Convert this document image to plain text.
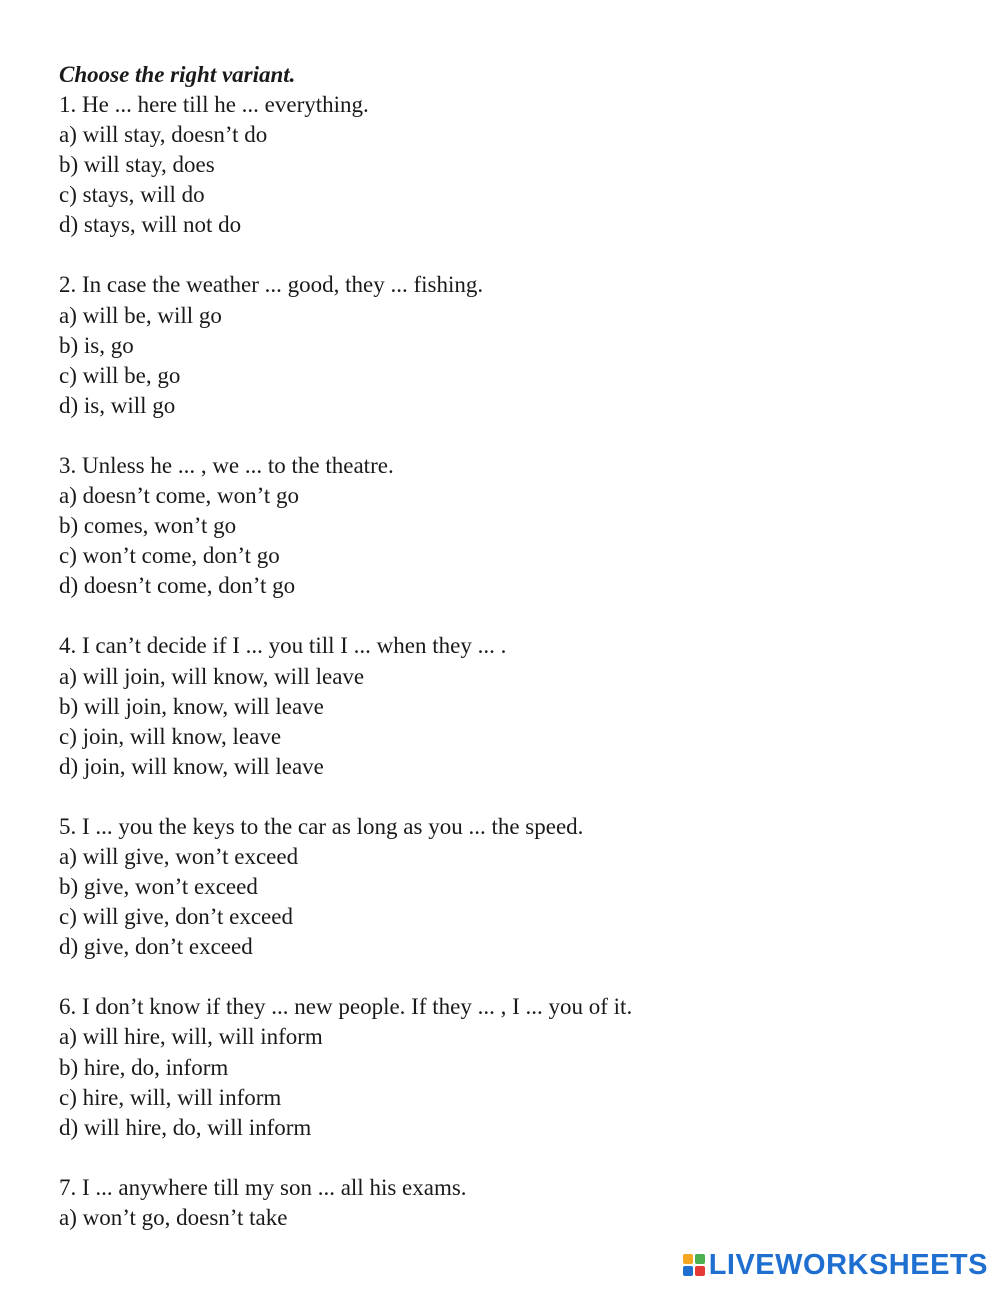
Choose the right variant.
1. He ... here till he ... everything.
a) will stay, doesn’t do
b) will stay, does
c) stays, will do
d) stays, will not do
2. In case the weather ... good, they ... fishing.
a) will be, will go
b) is, go
c) will be, go
d) is, will go
3. Unless he ... , we ... to the theatre.
a) doesn’t come, won’t go
b) comes, won’t go
c) won’t come, don’t go
d) doesn’t come, don’t go
4. I can’t decide if I ... you till I ... when they ... .
a) will join, will know, will leave
b) will join, know, will leave
c) join, will know, leave
d) join, will know, will leave
5. I ... you the keys to the car as long as you ... the speed.
a) will give, won’t exceed
b) give, won’t exceed
c) will give, don’t exceed
d) give, don’t exceed
6. I don’t know if they ... new people. If they ... , I ... you of it.
a) will hire, will, will inform
b) hire, do, inform
c) hire, will, will inform
d) will hire, do, will inform
7. I ... anywhere till my son ... all his exams.
a) won’t go, doesn’t take
LIVEWORKSHEETS
